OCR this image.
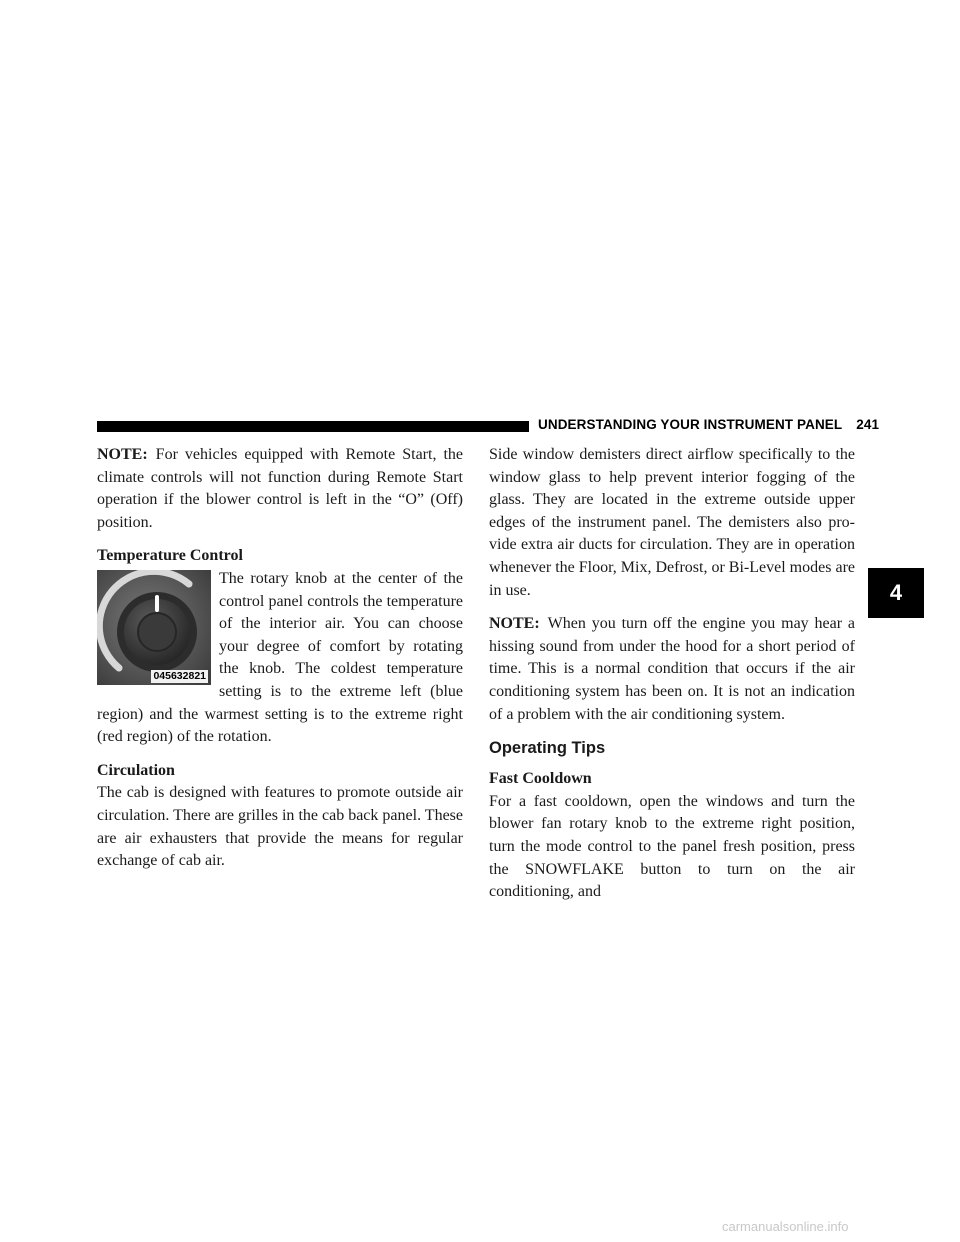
UNDERSTANDING YOUR INSTRUMENT PANEL 241

NOTE: For vehicles equipped with Remote Start, the climate controls will not function during Remote Start operation if the blower control is left in the “O” (Off) position.

Temperature Control
045632821

The rotary knob at the center of the control panel controls the temperature of the interior air. You can choose your degree of comfort by rotating the knob. The coldest temperature setting is to the extreme left (blue region) and the warmest setting is to the extreme right (red region) of the rotation.

Circulation

The cab is designed with features to promote outside air circulation. There are grilles in the cab back panel. These are air exhausters that provide the means for regular exchange of cab air.

Side window demisters direct airflow specifically to the window glass to help prevent interior fogging of the glass. They are located in the extreme outside upper edges of the instrument panel. The demisters also pro-vide extra air ducts for circulation. They are in operation whenever the Floor, Mix, Defrost, or Bi-Level modes are in use.

NOTE: When you turn off the engine you may hear a hissing sound from under the hood for a short period of time. This is a normal condition that occurs if the air conditioning system has been on. It is not an indication of a problem with the air conditioning system.

Operating Tips
Fast Cooldown

For a fast cooldown, open the windows and turn the blower fan rotary knob to the extreme right position, turn the mode control to the panel fresh position, press the SNOWFLAKE button to turn on the air conditioning, and

4
carmanualsonline.info
